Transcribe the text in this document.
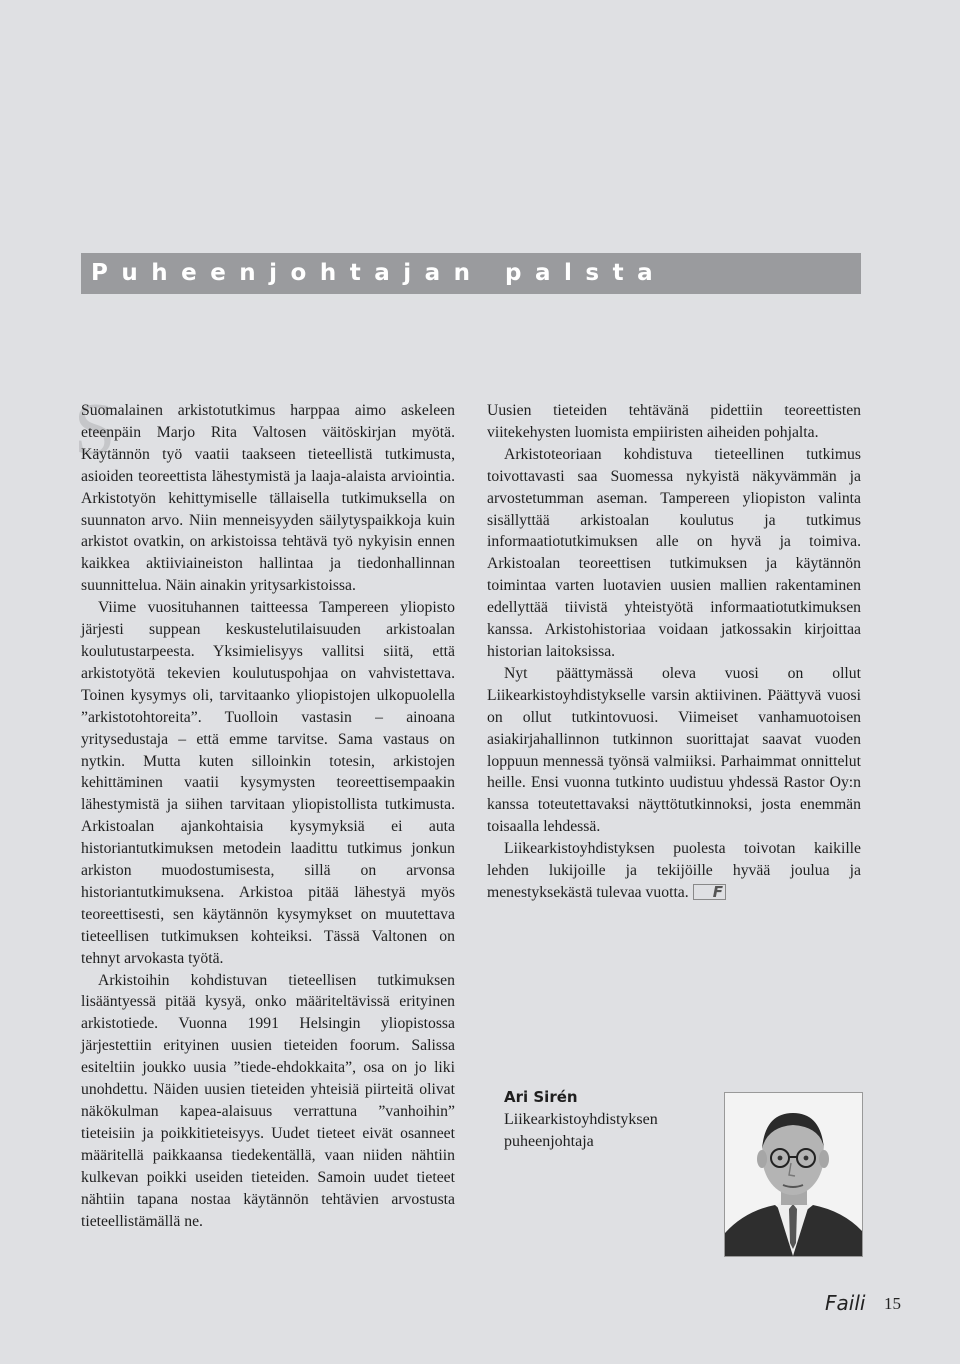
Puheenjohtajan palsta

S
Suomalainen arkistotutkimus harppaa aimo askeleen eteenpäin Marjo Rita Valtosen väitöskirjan myötä. Käytännön työ vaatii taakseen tieteellistä tutkimusta, asioiden teoreettista lähestymistä ja laaja-alaista arviointia. Arkistotyön kehittymiselle tällaisella tutkimuksella on suunnaton arvo. Niin menneisyyden säilytyspaikkoja kuin arkistot ovatkin, on arkistoissa tehtävä työ nykyisin ennen kaikkea aktiiviaineiston hallintaa ja tiedonhallinnan suunnittelua. Näin ainakin yritysarkistoissa.

Viime vuosituhannen taitteessa Tampereen yliopisto järjesti suppean keskustelutilaisuuden arkistoalan koulutustarpeesta. Yksimielisyys vallitsi siitä, että arkistotyötä tekevien koulutuspohjaa on vahvistettava. Toinen kysymys oli, tarvitaanko yliopistojen ulkopuolella ”arkistotohtoreita”. Tuolloin vastasin – ainoana yritysedustaja – että emme tarvitse. Sama vastaus on nytkin. Mutta kuten silloinkin totesin, arkistojen kehittäminen vaatii kysymysten teoreettisempaakin lähestymistä ja siihen tarvitaan yliopistollista tutkimusta. Arkistoalan ajankohtaisia kysymyksiä ei auta historiantutkimuksen metodein laadittu tutkimus jonkun arkiston muodostumisesta, sillä on arvonsa historiantutkimuksena. Arkistoa pitää lähestyä myös teoreettisesti, sen käytännön kysymykset on muutettava tieteellisen tutkimuksen kohteiksi. Tässä Valtonen on tehnyt arvokasta työtä.

Arkistoihin kohdistuvan tieteellisen tutkimuksen lisääntyessä pitää kysyä, onko määriteltävissä erityinen arkistotiede. Vuonna 1991 Helsingin yliopistossa järjestettiin erityinen uusien tieteiden foorum. Salissa esiteltiin joukko uusia ”tiede-ehdokkaita”, osa on jo liki unohdettu. Näiden uusien tieteiden yhteisiä piirteitä olivat näkökulman kapea-alaisuus verrattuna ”vanhoihin” tieteisiin ja poikkitieteisyys. Uudet tieteet eivät osanneet määritellä paikkaansa tiedekentällä, vaan niiden nähtiin kulkevan poikki useiden tieteiden. Samoin uudet tieteet nähtiin tapana nostaa käytännön tehtävien arvostusta tieteellistämällä ne.

Uusien tieteiden tehtävänä pidettiin teoreettisten viitekehysten luomista empiiristen aiheiden pohjalta.

Arkistoteoriaan kohdistuva tieteellinen tutkimus toivottavasti saa Suomessa nykyistä näkyvämmän ja arvostetumman aseman. Tampereen yliopiston valinta sisällyttää arkistoalan koulutus ja tutkimus informaatiotutkimuksen alle on hyvä ja toimiva. Arkistoalan teoreettisen tutkimuksen ja käytännön toimintaa varten luotavien uusien mallien rakentaminen edellyttää tiivistä yhteistyötä informaatiotutkimuksen kanssa. Arkistohistoriaa voidaan jatkossakin kirjoittaa historian laitoksissa.

Nyt päättymässä oleva vuosi on ollut Liikearkistoyhdistykselle varsin aktiivinen. Päättyvä vuosi on ollut tutkintovuosi. Viimeiset vanhamuotoisen asiakirjahallinnon tutkinnon suorittajat saavat vuoden loppuun mennessä työnsä valmiiksi. Parhaimmat onnittelut heille. Ensi vuonna tutkinto uudistuu yhdessä Rastor Oy:n kanssa toteutettavaksi näyttötutkinnoksi, josta enemmän toisaalla lehdessä.

Liikearkistoyhdistyksen puolesta toivotan kaikille lehden lukijoille ja tekijöille hyvää joulua ja menestyksekästä tulevaa vuotta. F

Ari Sirén
Liikearkistoyhdistyksen
puheenjohtaja
Faili 15
